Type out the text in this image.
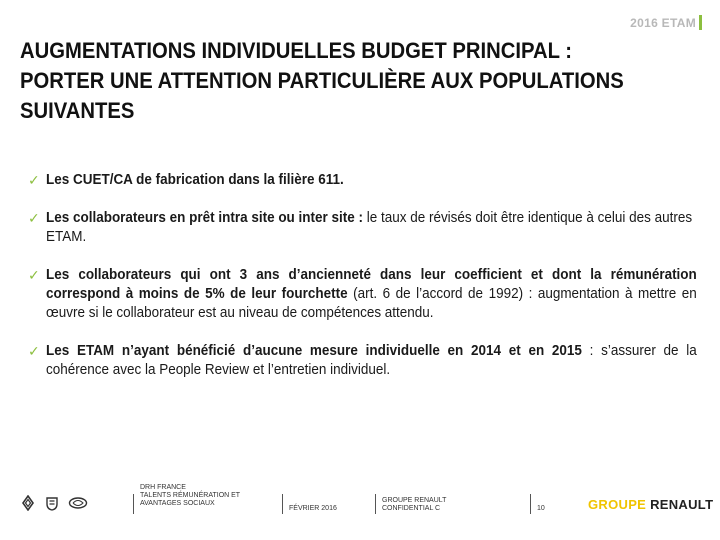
2016 ETAM
AUGMENTATIONS INDIVIDUELLES BUDGET PRINCIPAL :
PORTER UNE ATTENTION PARTICULIÈRE AUX POPULATIONS
SUIVANTES
✓ Les CUET/CA de fabrication dans la filière 611.
✓ Les collaborateurs en prêt intra site ou inter site : le taux de révisés doit être identique à celui des autres ETAM.
✓ Les collaborateurs qui ont 3 ans d’ancienneté dans leur coefficient et dont la rémunération correspond à moins de 5% de leur fourchette (art. 6 de l’accord de 1992) : augmentation à mettre en œuvre si le collaborateur est au niveau de compétences attendu.
✓ Les ETAM n’ayant bénéficié d’aucune mesure individuelle en 2014 et en 2015 : s’assurer de la cohérence avec la People Review et l’entretien individuel.
DRH FRANCE
TALENTS RÉMUNÉRATION ET
AVANTAGES SOCIAUX
FÉVRIER 2016
GROUPE RENAULT
CONFIDENTIAL C	10	GROUPE RENAULT
